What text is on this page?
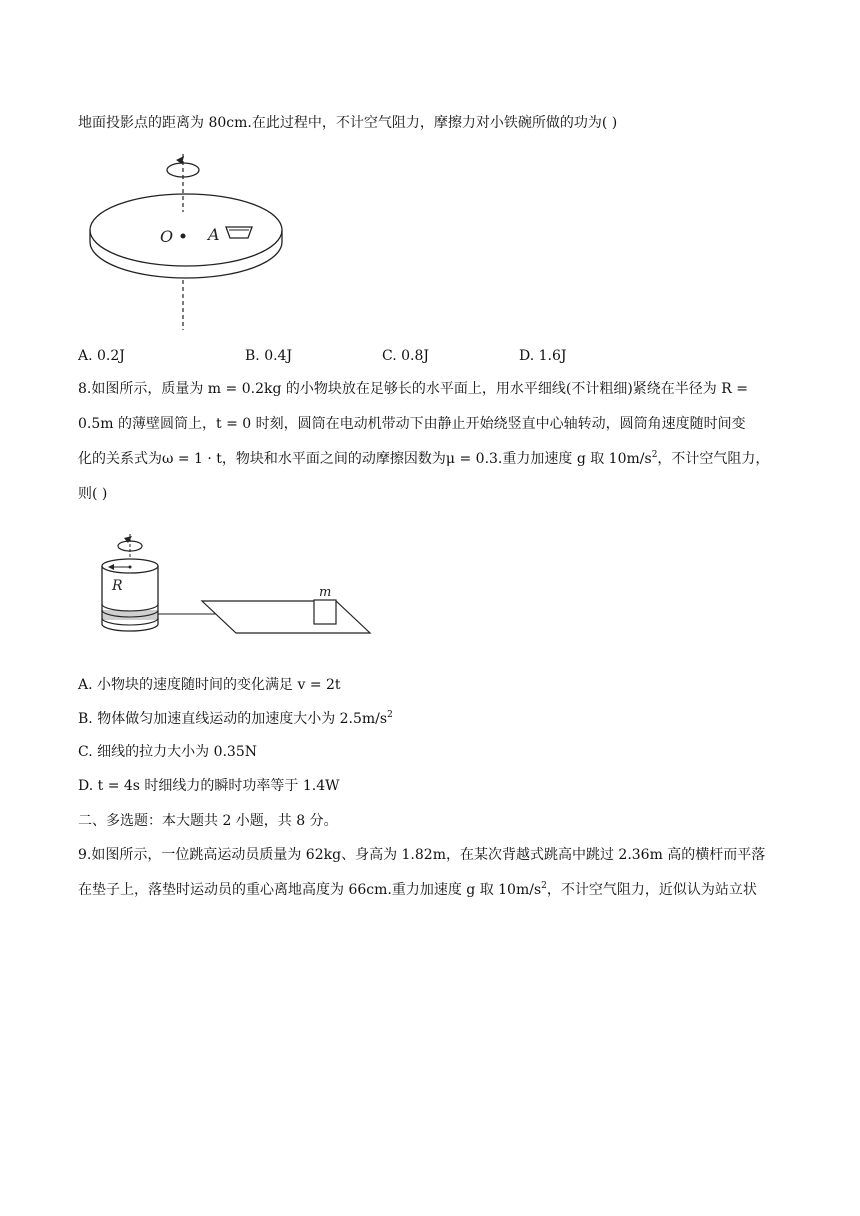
地面投影点的距离为 80cm.在此过程中，不计空气阻力，摩擦力对小铁碗所做的功为( )
O A
A. 0.2J	B. 0.4J	C. 0.8J	D. 1.6J
8.如图所示，质量为 m = 0.2kg 的小物块放在足够长的水平面上，用水平细线(不计粗细)紧绕在半径为 R =
0.5m 的薄壁圆筒上，t = 0 时刻，圆筒在电动机带动下由静止开始绕竖直中心轴转动，圆筒角速度随时间变
化的关系式为ω = 1 · t，物块和水平面之间的动摩擦因数为μ = 0.3.重力加速度 g 取 $10m/s^2$，不计空气阻力，
则( )
R	m
A. 小物块的速度随时间的变化满足 v = 2t
B. 物体做匀加速直线运动的加速度大小为 $2.5m/s^2$
C. 细线的拉力大小为 0.35N
D. t = 4s 时细线力的瞬时功率等于 1.4W
二、多选题：本大题共 2 小题，共 8 分。
9.如图所示，一位跳高运动员质量为 62kg、身高为 1.82m，在某次背越式跳高中跳过 2.36m 高的横杆而平落
在垫子上，落垫时运动员的重心离地高度为 66cm.重力加速度 g 取 $10m/s^2$，不计空气阻力，近似认为站立状
